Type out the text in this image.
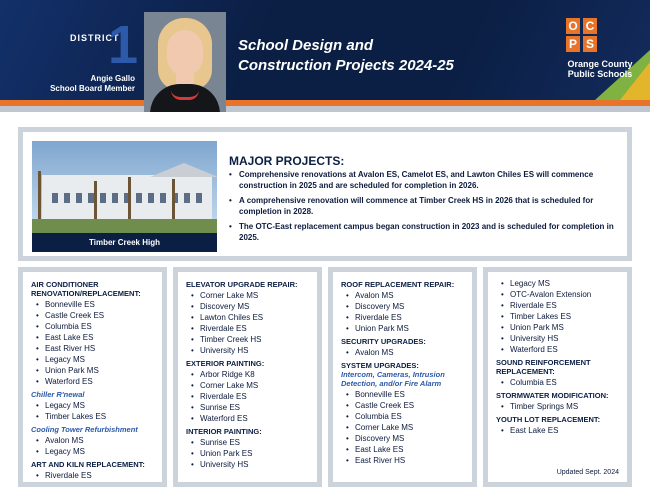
DISTRICT
1
Angie Gallo
School Board Member
School Design and
Construction Projects 2024-25
O C
P S
Orange County
Public Schools
Timber Creek High
MAJOR PROJECTS:
• Comprehensive renovations at Avalon ES, Camelot ES, and Lawton Chiles ES will commence construction in 2025 and are scheduled for completion in 2026.
• A comprehensive renovation will commence at Timber Creek HS in 2026 that is scheduled for completion in 2028.
• The OTC-East replacement campus began construction in 2023 and is scheduled for completion in 2025.
AIR CONDITIONER RENOVATION/REPLACEMENT:
• Bonneville ES
• Castle Creek ES
• Columbia ES
• East Lake ES
• East River HS
• Legacy MS
• Union Park MS
• Waterford ES
Chiller R'newal
• Legacy MS
• Timber Lakes ES
Cooling Tower Refurbishment
• Avalon MS
• Legacy MS
ART AND KILN REPLACEMENT:
• Riverdale ES
ELEVATOR UPGRADE REPAIR:
• Corner Lake MS
• Discovery MS
• Lawton Chiles ES
• Riverdale ES
• Timber Creek HS
• University HS
EXTERIOR PAINTING:
• Arbor Ridge K8
• Corner Lake MS
• Riverdale ES
• Sunrise ES
• Waterford ES
INTERIOR PAINTING:
• Sunrise ES
• Union Park ES
• University HS
ROOF REPLACEMENT REPAIR:
• Avalon MS
• Discovery MS
• Riverdale ES
• Union Park MS
SECURITY UPGRADES:
• Avalon MS
SYSTEM UPGRADES:
Intercom, Cameras, Intrusion Detection, and/or Fire Alarm
• Bonneville ES
• Castle Creek ES
• Columbia ES
• Corner Lake MS
• Discovery MS
• East Lake ES
• East River HS
• Legacy MS
• OTC-Avalon Extension
• Riverdale ES
• Timber Lakes ES
• Union Park MS
• University HS
• Waterford ES
SOUND REINFORCEMENT REPLACEMENT:
• Columbia ES
STORMWATER MODIFICATION:
• Timber Springs MS
YOUTH LOT REPLACEMENT:
• East Lake ES
Updated Sept. 2024
